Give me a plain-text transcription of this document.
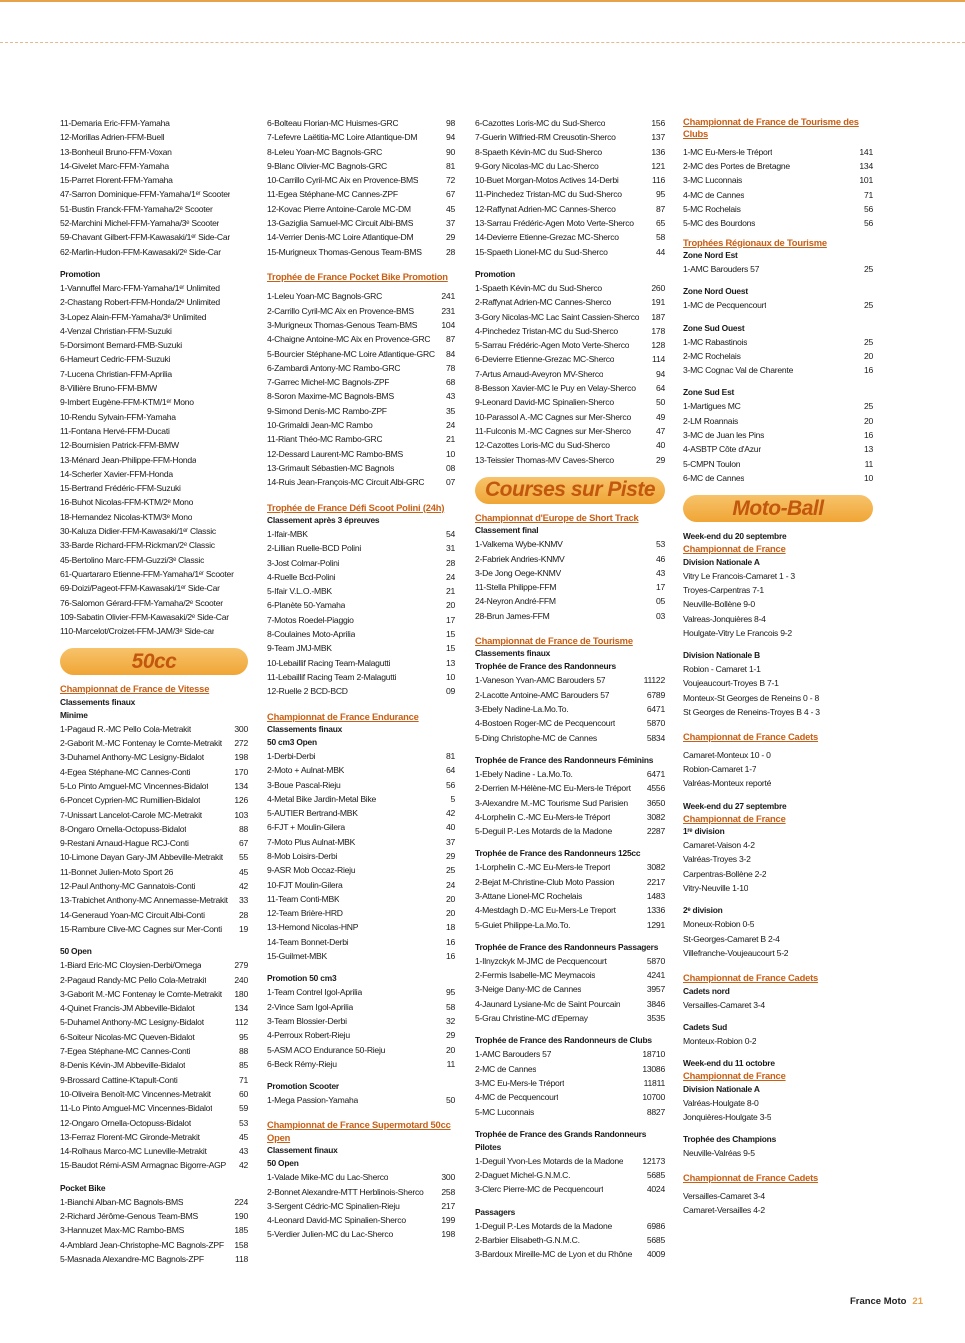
11-Demaria Eric-FFM-Yamaha
12-Morillas Adrien-FFM-Buell
13-Bonheuil Bruno-FFM-Voxan
14-Givelet Marc-FFM-Yamaha
15-Parret Florent-FFM-Yamaha
47-Sarron Dominique-FFM-Yamaha/1ᵉʳ Scooter
51-Bustin Franck-FFM-Yamaha/2ᵉ Scooter
52-Marchini Michel-FFM-Yamaha/3ᵉ Scooter
59-Chavant Gilbert-FFM-Kawasaki/1ᵉʳ Side-Car
62-Marlin-Hudon-FFM-Kawasaki/2ᵉ Side-Car
Promotion
1-Vannuffel Marc-FFM-Yamaha/1ᵉʳ Unlimited
2-Chastang Robert-FFM-Honda/2ᵉ Unlimited
3-Lopez Alain-FFM-Yamaha/3ᵉ Unlimited
4-Venzal Christian-FFM-Suzuki
5-Dorsimont Bernard-FMB-Suzuki
6-Hameurt Cedric-FFM-Suzuki
7-Lucena Christian-FFM-Aprilia
8-Villière Bruno-FFM-BMW
9-Imbert Eugène-FFM-KTM/1ᵉʳ Mono
10-Rendu Sylvain-FFM-Yamaha
11-Fontana Hervé-FFM-Ducati
12-Bournisien Patrick-FFM-BMW
13-Ménard Jean-Philippe-FFM-Honda
14-Scherler Xavier-FFM-Honda
15-Bertrand Frédéric-FFM-Suzuki
16-Buhot Nicolas-FFM-KTM/2ᵉ Mono
18-Hernandez Nicolas-KTM/3ᵉ Mono
30-Kaluza Didier-FFM-Kawasaki/1ᵉʳ Classic
33-Barde Richard-FFM-Rickman/2ᵉ Classic
45-Bertolino Marc-FFM-Guzzi/3ᵉ Classic
61-Quartararo Etienne-FFM-Yamaha/1ᵉʳ Scooter
69-Doizi/Pageot-FFM-Kawasaki/1ᵉʳ Side-Car
76-Salomon Gérard-FFM-Yamaha/2ᵉ Scooter
109-Sabatin Olivier-FFM-Kawasaki/2ᵉ Side-Car
110-Marcelot/Croizet-FFM-JAM/3ᵉ Side-car
50cc
Championnat de France de Vitesse
Classements finaux
Minime
1-Pagaud R.-MC Pello Cola-Metrakit	300
2-Gaborit M.-MC Fontenay le Comte-Metrakit	272
3-Duhamel Anthony-MC Lesigny-Bidalot	198
4-Egea Stéphane-MC Cannes-Conti	170
5-Lo Pinto Amguel-MC Vincennes-Bidalot	134
6-Poncet Cyprien-MC Rumillien-Bidalot	126
7-Unissart Lancelot-Carole MC-Metrakit	103
8-Ongaro Ornella-Octopuss-Bidalot	88
9-Restani Arnaud-Hague RCJ-Conti	67
10-Limone Dayan Gary-JM Abbeville-Metrakit	55
11-Bonnet Julien-Moto Sport 26	45
12-Paul Anthony-MC Gannatois-Conti	42
13-Trabichet Anthony-MC Annemasse-Metrakit	33
14-Generaud Yoan-MC Circuit Albi-Conti	28
15-Rambure Clive-MC Cagnes sur Mer-Conti	19
50 Open
1-Biard Eric-MC Cloysien-Derbi/Omega	279
2-Pagaud Randy-MC Pello Cola-Metrakit	240
3-Gaborit M.-MC Fontenay le Comte-Metrakit	180
4-Quinet Francis-JM Abbeville-Bidalot	134
5-Duhamel Anthony-MC Lesigny-Bidalot	112
6-Soiteur Nicolas-MC Queven-Bidalot	95
7-Egea Stéphane-MC Cannes-Conti	88
8-Denis Kévin-JM Abbeville-Bidalot	85
9-Brossard Cattine-K'tapult-Conti	71
10-Oliveira Benoît-MC Vincennes-Metrakit	60
11-Lo Pinto Amguel-MC Vincennes-Bidalot	59
12-Ongaro Ornella-Octopuss-Bidalot	53
13-Ferraz Florent-MC Gironde-Metrakit	45
14-Rolhaus Marco-MC Luneville-Metrakit	43
15-Baudot Rémi-ASM Armagnac Bigorre-AGP	42
Pocket Bike
1-Bianchi Alban-MC Bagnols-BMS	224
2-Richard Jérôme-Genous Team-BMS	190
3-Hannuzet Max-MC Rambo-BMS	185
4-Amblard Jean-Christophe-MC Bagnols-ZPF	158
5-Masnada Alexandre-MC Bagnols-ZPF	118
6-Bolteau Florian-MC Huismes-GRC	98
7-Lefevre Laëtitia-MC Loire Atlantique-DM	94
8-Leleu Yoan-MC Bagnols-GRC	90
9-Blanc Olivier-MC Bagnols-GRC	81
10-Carrillo Cyril-MC Aix en Provence-BMS	72
11-Egea Stéphane-MC Cannes-ZPF	67
12-Kovac Pierre Antoine-Carole MC-DM	45
13-Gaziglia Samuel-MC Circuit Albi-BMS	37
14-Verrier Denis-MC Loire Atlantique-DM	29
15-Murigneux Thomas-Genous Team-BMS	28
Trophée de France Pocket Bike Promotion
1-Leleu Yoan-MC Bagnols-GRC	241
2-Carrillo Cyril-MC Aix en Provence-BMS	231
3-Murigneux Thomas-Genous Team-BMS	104
4-Chaigne Antoine-MC Aix en Provence-GRC	87
5-Bourcier Stéphane-MC Loire Atlantique-GRC	84
6-Zambardi Antony-MC Rambo-GRC	78
7-Garrec Michel-MC Bagnols-ZPF	68
8-Soron Maxime-MC Bagnols-BMS	43
9-Simond Denis-MC Rambo-ZPF	35
10-Grimaldi Jean-MC Rambo	24
11-Riant Théo-MC Rambo-GRC	21
12-Dessard Laurent-MC Rambo-BMS	10
13-Grimault Sébastien-MC Bagnols	08
14-Ruis Jean-François-MC Circuit Albi-GRC	07
Trophée de France Défi Scoot Polini (24h)
Classement après 3 épreuves
1-Ifair-MBK	54
2-Lillian Ruelle-BCD Polini	31
3-Jost Colmar-Polini	28
4-Ruelle Bcd-Polini	24
5-Ifair V.L.O.-MBK	21
6-Planète 50-Yamaha	20
7-Motos Roedel-Piaggio	17
8-Coulaines Moto-Aprilia	15
9-Team JMJ-MBK	15
10-Lebaillif Racing Team-Malagutti	13
11-Lebaillif Racing Team 2-Malagutti	10
12-Ruelle 2 BCD-BCD	09
Championnat de France Endurance
Classements finaux
50 cm3 Open
1-Derbi-Derbi	81
2-Moto + Aulnat-MBK	64
3-Boue Pascal-Rieju	56
4-Metal Bike Jardin-Metal Bike	5
5-AUTIER Bertrand-MBK	42
6-FJT + Moulin-Gilera	40
7-Moto Plus Aulnat-MBK	37
8-Mob Loisirs-Derbi	29
9-ASR Mob Occaz-Rieju	25
10-FJT Moulin-Gilera	24
11-Team Conti-MBK	20
12-Team Brière-HRD	20
13-Hemond Nicolas-HNP	18
14-Team Bonnet-Derbi	16
15-Guilmet-MBK	16
Promotion 50 cm3
1-Team Contrel Igol-Aprilia	95
2-Vince Sam Igol-Aprilia	58
3-Team Blossier-Derbi	32
4-Perroux Robert-Rieju	29
5-ASM ACO Endurance 50-Rieju	20
6-Beck Rémy-Rieju	11
Promotion Scooter
1-Mega Passion-Yamaha	50
Championnat de France Supermotard 50cc Open
Classement finaux
50 Open
1-Valade Mike-MC du Lac-Sherco	300
2-Bonnet Alexandre-MTT Herblinois-Sherco	258
3-Sergent Cédric-MC Spinalien-Rieju	217
4-Leonard David-MC Spinalien-Sherco	199
5-Verdier Julien-MC du Lac-Sherco	198
6-Cazottes Loris-MC du Sud-Sherco	156
7-Guerin Wilfried-RM Creusotin-Sherco	137
8-Spaeth Kévin-MC du Sud-Sherco	136
9-Gory Nicolas-MC du Lac-Sherco	121
10-Buet Morgan-Motos Actives 14-Derbi	116
11-Pinchedez Tristan-MC du Sud-Sherco	95
12-Raffynat Adrien-MC Cannes-Sherco	87
13-Sarrau Frédéric-Agen Moto Verte-Sherco	65
14-Devierre Etienne-Grezac MC-Sherco	58
15-Spaeth Lionel-MC du Sud-Sherco	44
Promotion
1-Spaeth Kévin-MC du Sud-Sherco	260
2-Raffynat Adrien-MC Cannes-Sherco	191
3-Gory Nicolas-MC Lac Saint Cassien-Sherco	187
4-Pinchedez Tristan-MC du Sud-Sherco	178
5-Sarrau Frédéric-Agen Moto Verte-Sherco	128
6-Devierre Etienne-Grezac MC-Sherco	114
7-Artus Arnaud-Aveyron MV-Sherco	94
8-Besson Xavier-MC le Puy en Velay-Sherco	64
9-Leonard David-MC Spinalien-Sherco	50
10-Parassol A.-MC Cagnes sur Mer-Sherco	49
11-Fulconis M.-MC Cagnes sur Mer-Sherco	47
12-Cazottes Loris-MC du Sud-Sherco	40
13-Teissier Thomas-MV Caves-Sherco	29
Courses sur Piste
Championnat d'Europe de Short Track
Classement final
1-Valkema Wybe-KNMV	53
2-Fabriek Andries-KNMV	46
3-De Jong Oege-KNMV	43
11-Stella Philippe-FFM	17
24-Neyron André-FFM	05
28-Brun James-FFM	03
Championnat de France de Tourisme
Classements finaux
Trophée de France des Randonneurs
1-Vaneson Yvan-AMC Barouders 57	11122
2-Lacotte Antoine-AMC Barouders 57	6789
3-Ebely Nadine-La.Mo.To.	6471
4-Bostoen Roger-MC de Pecquencourt	5870
5-Ding Christophe-MC de Cannes	5834
Trophée de France des Randonneurs Féminins
1-Ebely Nadine - La.Mo.To.	6471
2-Derrien M-Hélène-MC Eu-Mers-le Tréport	4556
3-Alexandre M.-MC Tourisme Sud Parisien	3650
4-Lorphelin C.-MC Eu-Mers-le Tréport	3082
5-Deguil P.-Les Motards de la Madone	2287
Trophée de France des Randonneurs 125cc
1-Lorphelin C.-MC Eu-Mers-le Treport	3082
2-Bejat M-Christine-Club Moto Passion	2217
3-Attane Lionel-MC Rochelais	1483
4-Mestdagh D.-MC Eu-Mers-Le Treport	1336
5-Guiet Philippe-La.Mo.To.	1291
Trophée de France des Randonneurs Passagers
1-Ilnyzckyk M-JMC de Pecquencourt	5870
2-Fermis Isabelle-MC Meymacois	4241
3-Neige Dany-MC de Cannes	3957
4-Jaunard Lysiane-Mc de Saint Pourcain	3846
5-Grau Christine-MC d'Epernay	3535
Trophée de France des Randonneurs de Clubs
1-AMC Barouders 57	18710
2-MC de Cannes	13086
3-MC Eu-Mers-le Tréport	11811
4-MC de Pecquencourt	10700
5-MC Luconnais	8827
Trophée de France des Grands Randonneurs
Pilotes
1-Deguil Yvon-Les Motards de la Madone	12173
2-Daguet Michel-G.N.M.C.	5685
3-Clerc Pierre-MC de Pecquencourt	4024
Passagers
1-Deguil P.-Les Motards de la Madone	6986
2-Barbier Elisabeth-G.N.M.C.	5685
3-Bardoux Mireille-MC de Lyon et du Rhône	4009
Championnat de France de Tourisme des Clubs
1-MC Eu-Mers-le Tréport	141
2-MC des Portes de Bretagne	134
3-MC Luconnais	101
4-MC de Cannes	71
5-MC Rochelais	56
5-MC des Bourdons	56
Trophées Régionaux de Tourisme
Zone Nord Est
1-AMC Barouders 57	25
Zone Nord Ouest
1-MC de Pecquencourt	25
Zone Sud Ouest
1-MC Rabastinois	25
2-MC Rochelais	20
3-MC Cognac Val de Charente	16
Zone Sud Est
1-Martigues MC	25
2-LM Roannais	20
3-MC de Juan les Pins	16
4-ASBTP Côte d'Azur	13
5-CMPN Toulon	11
6-MC de Cannes	10
Moto-Ball
Week-end du 20 septembre
Championnat de France
Division Nationale A
Vitry Le Francois-Camaret 1 - 3
Troyes-Carpentras 7-1
Neuville-Bollène 9-0
Valreas-Jonquières 8-4
Houlgate-Vitry Le Francois 9-2
Division Nationale B
Robion - Camaret 1-1
Voujeaucourt-Troyes B 7-1
Monteux-St Georges de Reneins 0 - 8
St Georges de Reneins-Troyes B 4 - 3
Championnat de France Cadets
Camaret-Monteux 10 - 0
Robion-Camaret 1-7
Valréas-Monteux reporté
Week-end du 27 septembre
Championnat de France
1ʳᵉ division
Camaret-Vaison 4-2
Valréas-Troyes 3-2
Carpentras-Bollène 2-2
Vitry-Neuville 1-10
2ᵉ division
Moneux-Robion 0-5
St-Georges-Camaret B 2-4
Villefranche-Voujeaucourt 5-2
Championnat de France Cadets
Cadets nord
Versailles-Camaret 3-4
Cadets Sud
Monteux-Robion 0-2
Week-end du 11 octobre
Championnat de France
Division Nationale A
Valréas-Houlgate 8-0
Jonquières-Houlgate 3-5
Trophée des Champions
Neuville-Valréas 9-5
Championnat de France Cadets
Versailles-Camaret 3-4
Camaret-Versailles 4-2
France Moto 21
